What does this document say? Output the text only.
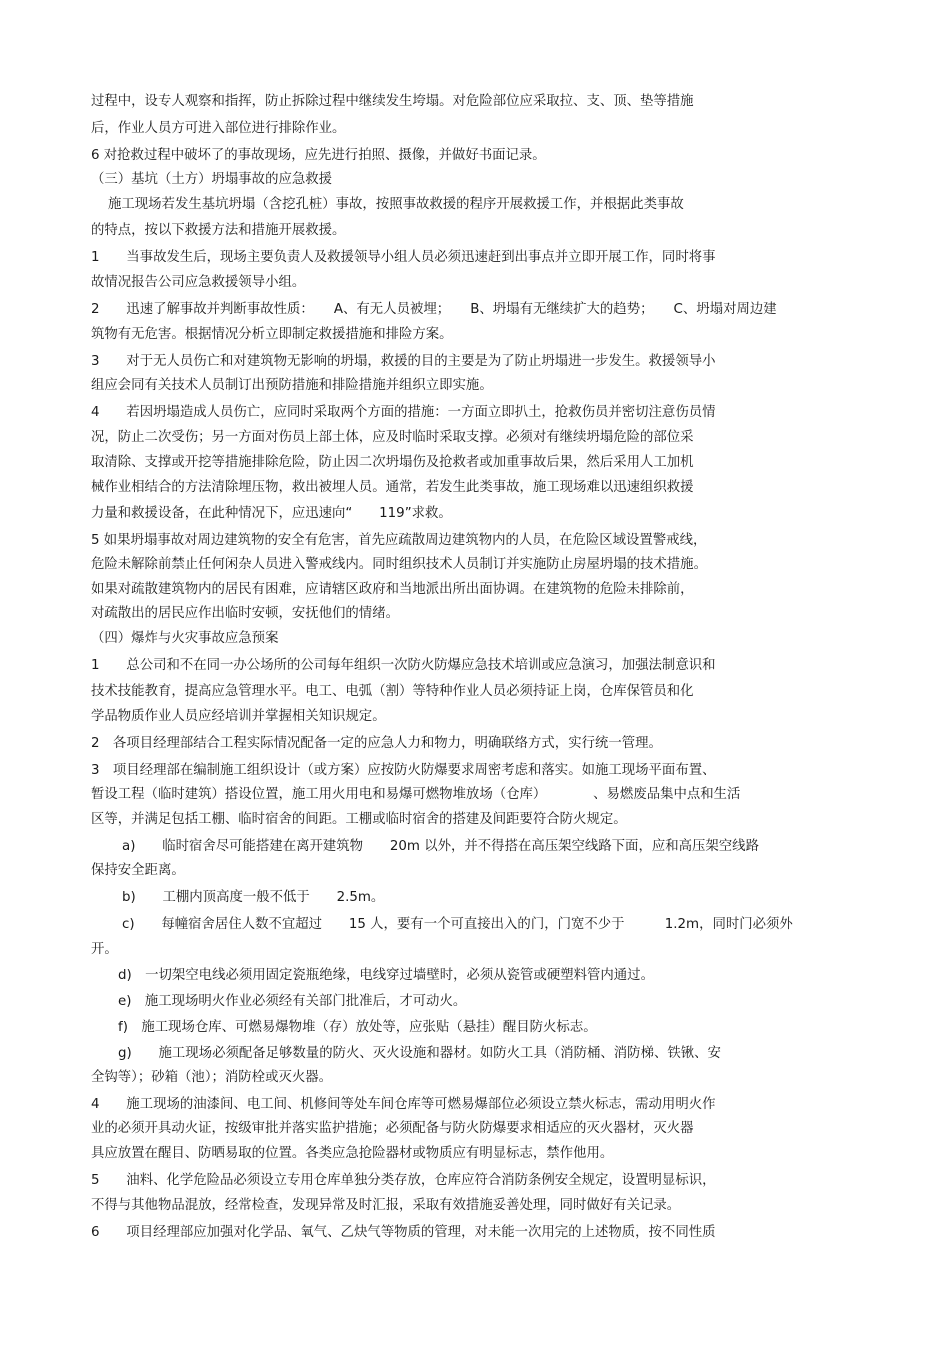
过程中，设专人观察和指挥，防止拆除过程中继续发生垮塌。对危险部位应采取拉、支、顶、垫等措施
后，作业人员方可进入部位进行排除作业。
6 对抢救过程中破坏了的事故现场，应先进行拍照、摄像，并做好书面记录。
（三）基坑（土方）坍塌事故的应急救援
施工现场若发生基坑坍塌（含挖孔桩）事故，按照事故救援的程序开展救援工作，并根据此类事故
的特点，按以下救援方法和措施开展救援。
1　　当事故发生后，现场主要负责人及救援领导小组人员必须迅速赶到出事点并立即开展工作，同时将事
故情况报告公司应急救援领导小组。
2　　迅速了解事故并判断事故性质：　　A、有无人员被埋；　　B、坍塌有无继续扩大的趋势；　　C、坍塌对周边建
筑物有无危害。根据情况分析立即制定救援措施和排险方案。
3　　对于无人员伤亡和对建筑物无影响的坍塌，救援的目的主要是为了防止坍塌进一步发生。救援领导小
组应会同有关技术人员制订出预防措施和排险措施并组织立即实施。
4　　若因坍塌造成人员伤亡，应同时采取两个方面的措施：一方面立即扒土，抢救伤员并密切注意伤员情
况，防止二次受伤；另一方面对伤员上部土体，应及时临时采取支撑。必须对有继续坍塌危险的部位采
取清除、支撑或开挖等措施排除危险，防止因二次坍塌伤及抢救者或加重事故后果，然后采用人工加机
械作业相结合的方法清除埋压物，救出被埋人员。通常，若发生此类事故，施工现场难以迅速组织救援
力量和救援设备，在此种情况下，应迅速向“　　119”求救。
5 如果坍塌事故对周边建筑物的安全有危害，首先应疏散周边建筑物内的人员，在危险区域设置警戒线，
危险未解除前禁止任何闲杂人员进入警戒线内。同时组织技术人员制订并实施防止房屋坍塌的技术措施。
如果对疏散建筑物内的居民有困难，应请辖区政府和当地派出所出面协调。在建筑物的危险未排除前，
对疏散出的居民应作出临时安顿，安抚他们的情绪。
（四）爆炸与火灾事故应急预案
1　　总公司和不在同一办公场所的公司每年组织一次防火防爆应急技术培训或应急演习，加强法制意识和
技术技能教育，提高应急管理水平。电工、电弧（割）等特种作业人员必须持证上岗，仓库保管员和化
学品物质作业人员应经培训并掌握相关知识规定。
2　各项目经理部结合工程实际情况配备一定的应急人力和物力，明确联络方式，实行统一管理。
3　项目经理部在编制施工组织设计（或方案）应按防火防爆要求周密考虑和落实。如施工现场平面布置、
暂设工程（临时建筑）搭设位置，施工用火用电和易爆可燃物堆放场（仓库）　　　　、易燃废品集中点和生活
区等，并满足包括工棚、临时宿舍的间距。工棚或临时宿舍的搭建及间距要符合防火规定。
a)　　临时宿舍尽可能搭建在离开建筑物　　20m 以外，并不得搭在高压架空线路下面，应和高压架空线路
保持安全距离。
b)　　工棚内顶高度一般不低于　　2.5m。
c)　　每幢宿舍居住人数不宜超过　　15 人，要有一个可直接出入的门，门宽不少于　　　1.2m，同时门必须外
开。
d)　一切架空电线必须用固定瓷瓶绝缘，电线穿过墙壁时，必须从瓷管或硬塑料管内通过。
e)　施工现场明火作业必须经有关部门批准后，才可动火。
f)　施工现场仓库、可燃易爆物堆（存）放处等，应张贴（悬挂）醒目防火标志。
g)　　施工现场必须配备足够数量的防火、灭火设施和器材。如防火工具（消防桶、消防梯、铁锹、安
全钩等）；砂箱（池）；消防栓或灭火器。
4　　施工现场的油漆间、电工间、机修间等处车间仓库等可燃易爆部位必须设立禁火标志，需动用明火作
业的必须开具动火证，按级审批并落实监护措施；必须配备与防火防爆要求相适应的灭火器材，灭火器
具应放置在醒目、防晒易取的位置。各类应急抢险器材或物质应有明显标志，禁作他用。
5　　油料、化学危险品必须设立专用仓库单独分类存放，仓库应符合消防条例安全规定，设置明显标识，
不得与其他物品混放，经常检查，发现异常及时汇报，采取有效措施妥善处理，同时做好有关记录。
6　　项目经理部应加强对化学品、氧气、乙炔气等物质的管理，对未能一次用完的上述物质，按不同性质
